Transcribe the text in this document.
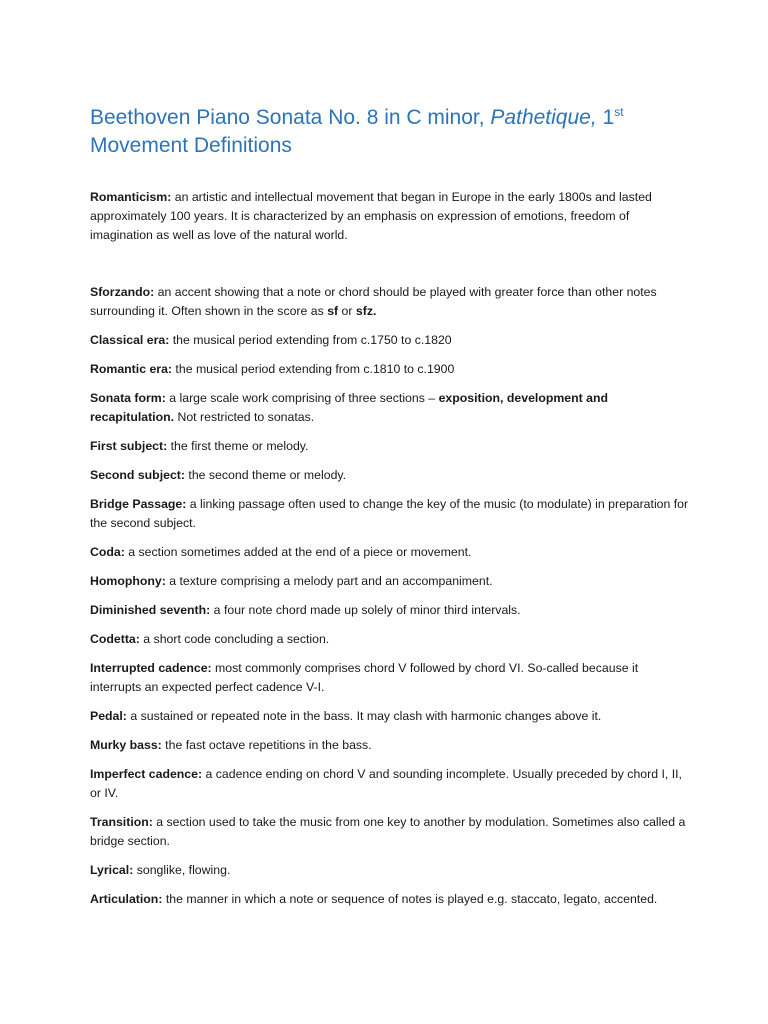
Beethoven Piano Sonata No. 8 in C minor, Pathetique, 1st
Movement Definitions

Romanticism: an artistic and intellectual movement that began in Europe in the early 1800s and lasted approximately 100 years. It is characterized by an emphasis on expression of emotions, freedom of imagination as well as love of the natural world.

Sforzando: an accent showing that a note or chord should be played with greater force than other notes surrounding it. Often shown in the score as sf or sfz.

Classical era: the musical period extending from c.1750 to c.1820

Romantic era: the musical period extending from c.1810 to c.1900

Sonata form: a large scale work comprising of three sections – exposition, development and recapitulation. Not restricted to sonatas.

First subject: the first theme or melody.

Second subject: the second theme or melody.

Bridge Passage: a linking passage often used to change the key of the music (to modulate) in preparation for the second subject.

Coda: a section sometimes added at the end of a piece or movement.

Homophony: a texture comprising a melody part and an accompaniment.

Diminished seventh: a four note chord made up solely of minor third intervals.

Codetta: a short code concluding a section.

Interrupted cadence: most commonly comprises chord V followed by chord VI. So-called because it interrupts an expected perfect cadence V-I.

Pedal: a sustained or repeated note in the bass. It may clash with harmonic changes above it.

Murky bass: the fast octave repetitions in the bass.

Imperfect cadence: a cadence ending on chord V and sounding incomplete. Usually preceded by chord I, II, or IV.

Transition: a section used to take the music from one key to another by modulation. Sometimes also called a bridge section.

Lyrical: songlike, flowing.

Articulation: the manner in which a note or sequence of notes is played e.g. staccato, legato, accented.
